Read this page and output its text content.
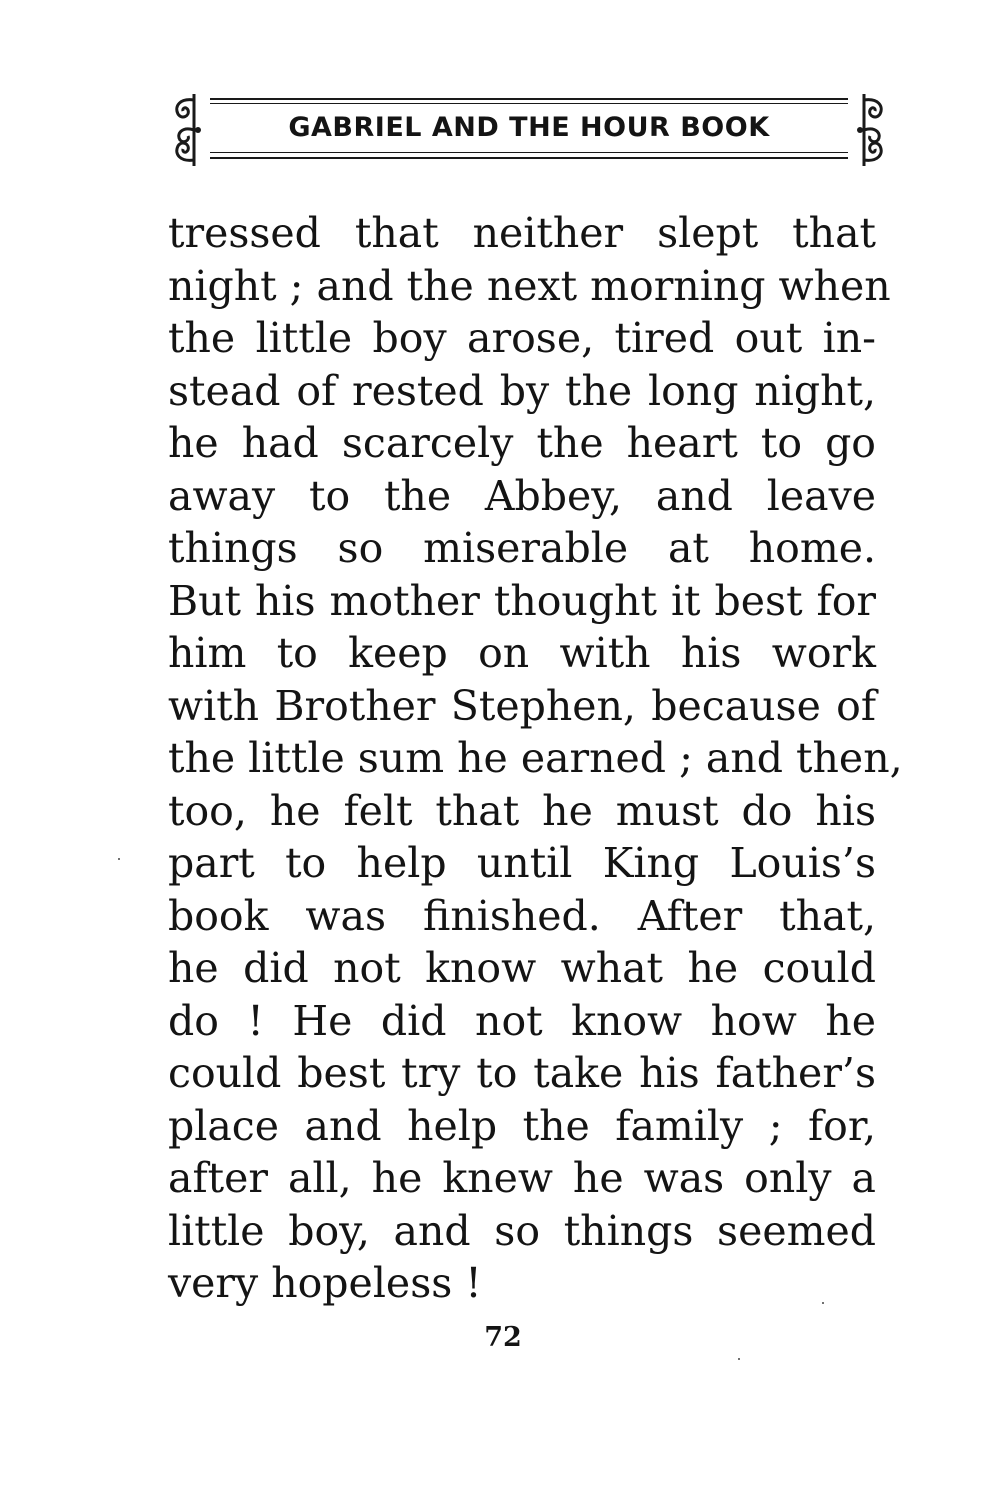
GABRIEL AND THE HOUR BOOK
tressed that neither slept that
night ; and the next morning when
the little boy arose, tired out in-
stead of rested by the long night,
he had scarcely the heart to go
away to the Abbey, and leave
things so miserable at home.
But his mother thought it best for
him to keep on with his work
with Brother Stephen, because of
the little sum he earned ; and then,
too, he felt that he must do his
part to help until King Louis’s
book was finished. After that,
he did not know what he could
do ! He did not know how he
could best try to take his father’s
place and help the family ; for,
after all, he knew he was only a
little boy, and so things seemed
very hopeless !
72
